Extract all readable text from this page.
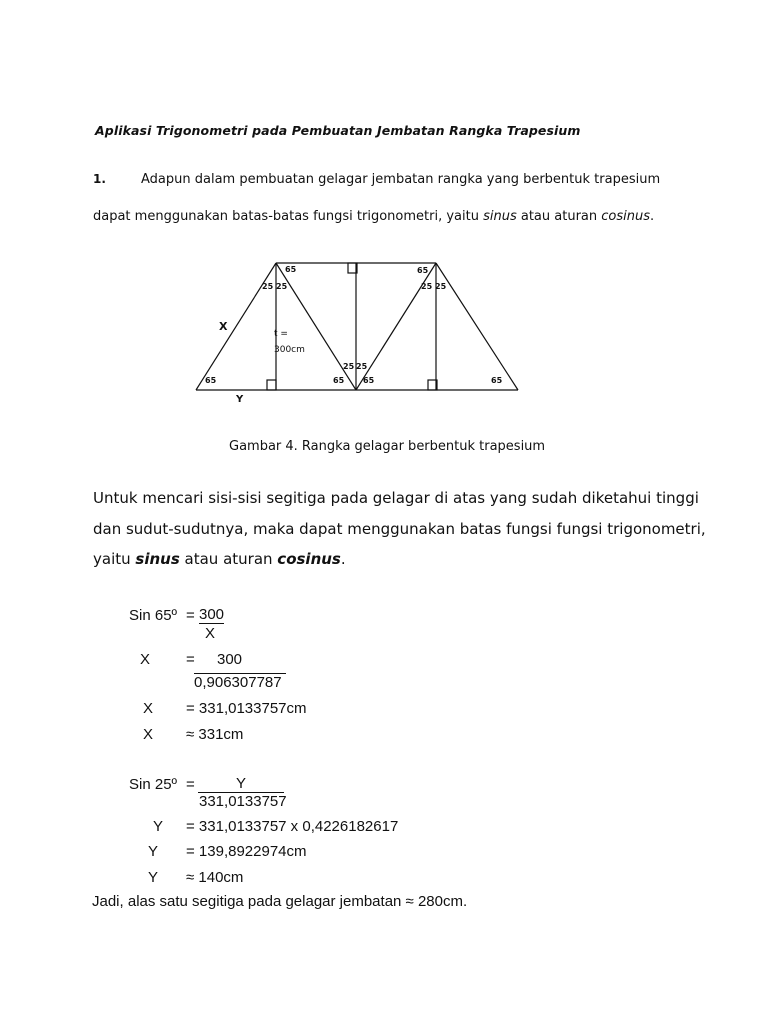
Aplikasi Trigonometri pada Pembuatan Jembatan Rangka Trapesium
1.	Adapun dalam pembuatan gelagar jembatan rangka yang berbentuk trapesium
dapat menggunakan batas-batas fungsi trigonometri, yaitu sinus atau aturan cosinus.
65	65
25 25	25 25
25 25
65	65 65	65
X
Y
t =
300cm
Gambar 4. Rangka gelagar berbentuk trapesium
Untuk mencari sisi-sisi segitiga pada gelagar di atas yang sudah diketahui tinggi
dan sudut-sudutnya, maka dapat menggunakan batas fungsi fungsi trigonometri,
yaitu sinus atau aturan cosinus.
Sin 65º = 300
X
X = 300
0,906307787
X = 331,0133757cm
X ≈ 331cm
Sin 25º =	Y
331,0133757
Y = 331,0133757 x 0,4226182617
Y = 139,8922974cm
Y ≈ 140cm
Jadi, alas satu segitiga pada gelagar jembatan ≈ 280cm.
